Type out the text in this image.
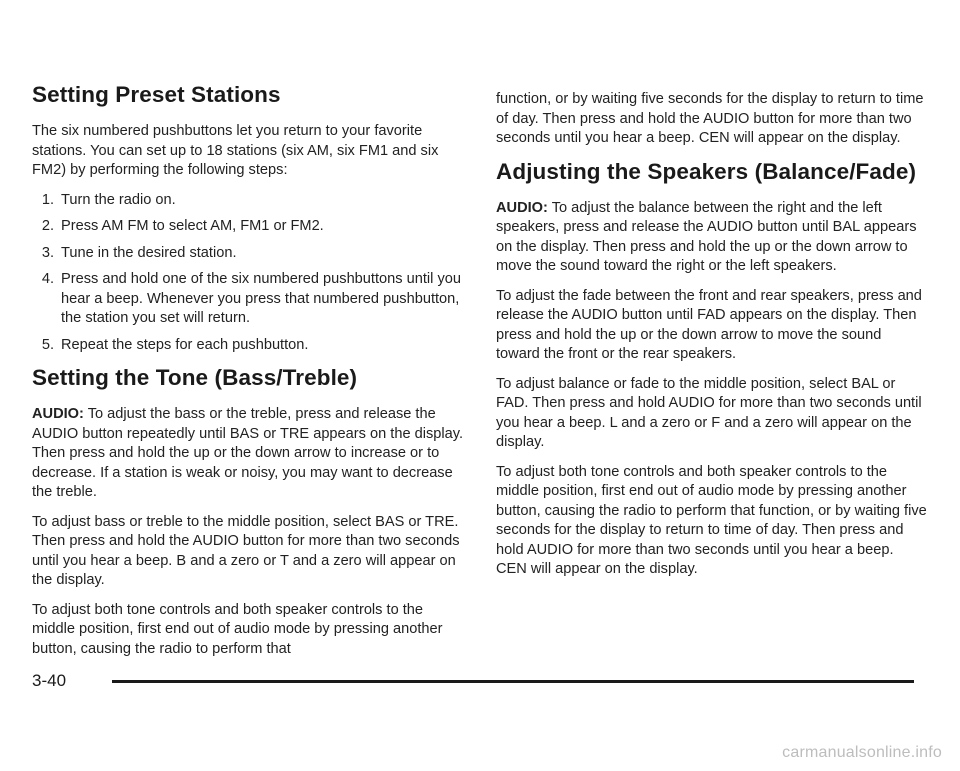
Setting Preset Stations

The six numbered pushbuttons let you return to your favorite stations. You can set up to 18 stations (six AM, six FM1 and six FM2) by performing the following steps:

1. Turn the radio on.
2. Press AM FM to select AM, FM1 or FM2.
3. Tune in the desired station.
4. Press and hold one of the six numbered pushbuttons until you hear a beep. Whenever you press that numbered pushbutton, the station you set will return.
5. Repeat the steps for each pushbutton.
Setting the Tone (Bass/Treble)

AUDIO: To adjust the bass or the treble, press and release the AUDIO button repeatedly until BAS or TRE appears on the display. Then press and hold the up or the down arrow to increase or to decrease. If a station is weak or noisy, you may want to decrease the treble.

To adjust bass or treble to the middle position, select BAS or TRE. Then press and hold the AUDIO button for more than two seconds until you hear a beep. B and a zero or T and a zero will appear on the display.

To adjust both tone controls and both speaker controls to the middle position, first end out of audio mode by pressing another button, causing the radio to perform that

function, or by waiting five seconds for the display to return to time of day. Then press and hold the AUDIO button for more than two seconds until you hear a beep. CEN will appear on the display.

Adjusting the Speakers (Balance/Fade)

AUDIO: To adjust the balance between the right and the left speakers, press and release the AUDIO button until BAL appears on the display. Then press and hold the up or the down arrow to move the sound toward the right or the left speakers.

To adjust the fade between the front and rear speakers, press and release the AUDIO button until FAD appears on the display. Then press and hold the up or the down arrow to move the sound toward the front or the rear speakers.

To adjust balance or fade to the middle position, select BAL or FAD. Then press and hold AUDIO for more than two seconds until you hear a beep. L and a zero or F and a zero will appear on the display.

To adjust both tone controls and both speaker controls to the middle position, first end out of audio mode by pressing another button, causing the radio to perform that function, or by waiting five seconds for the display to return to time of day. Then press and hold AUDIO for more than two seconds until you hear a beep. CEN will appear on the display.

3-40
carmanualsonline.info
